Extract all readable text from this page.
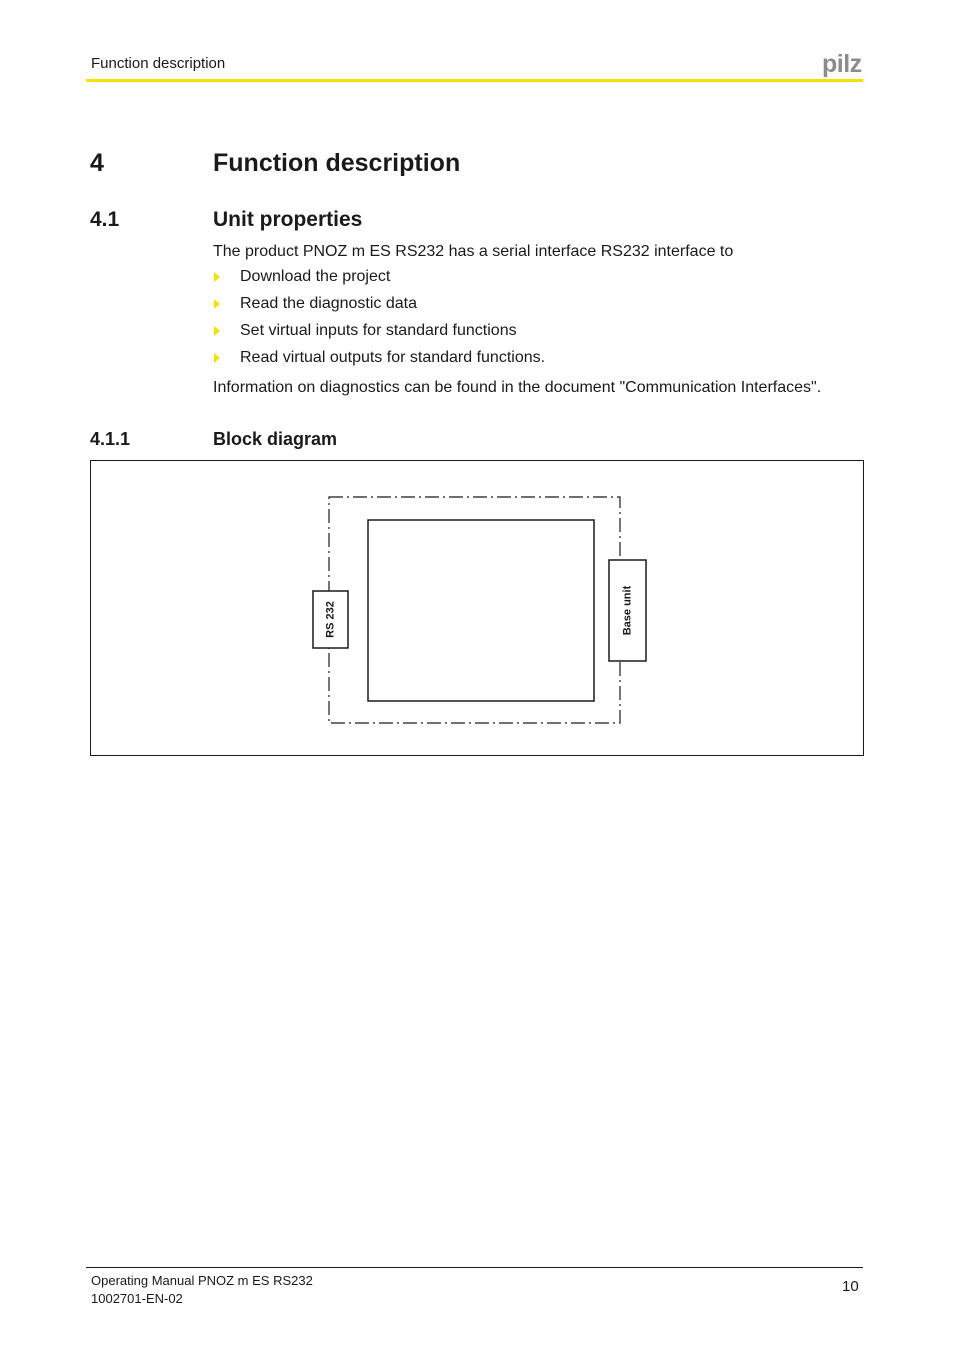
Function description	pilz
4	Function description
4.1	Unit properties
The product PNOZ m ES RS232 has a serial interface RS232 interface to
Download the project
Read the diagnostic data
Set virtual inputs for standard functions
Read virtual outputs for standard functions.
Information on diagnostics can be found in the document "Communication Interfaces".
4.1.1	Block diagram
RS 232	Base unit
Operating Manual PNOZ m ES RS232
1002701-EN-02
10
